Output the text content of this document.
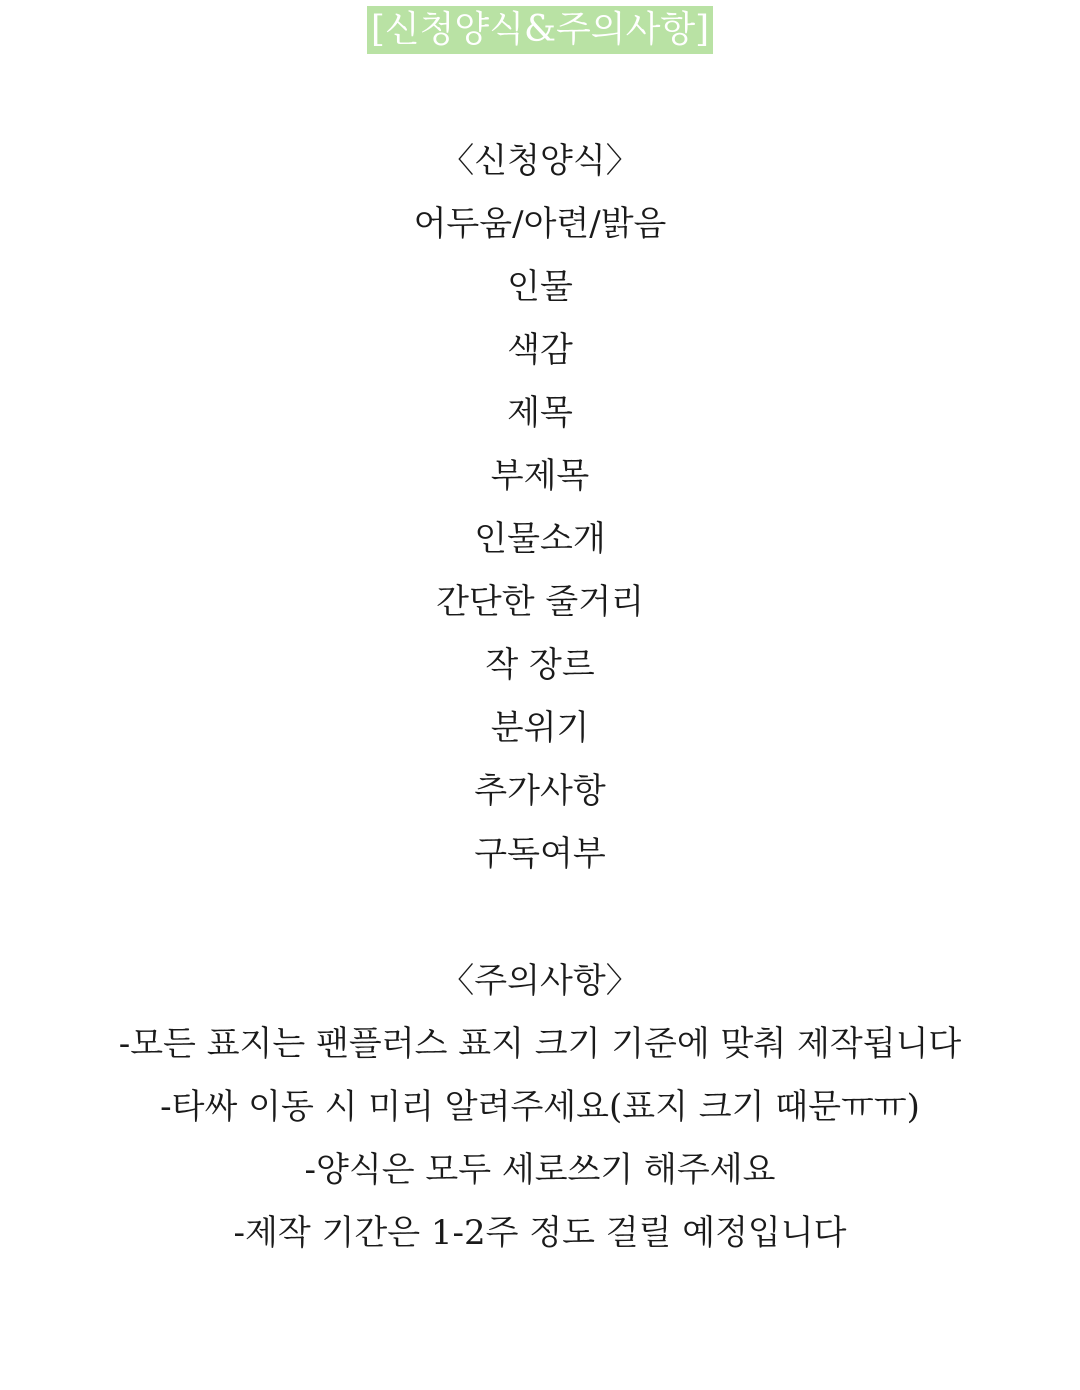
[신청양식&주의사항]
〈신청양식〉
어두움/아련/밝음
인물
색감
제목
부제목
인물소개
간단한 줄거리
작 장르
분위기
추가사항
구독여부
〈주의사항〉
-모든 표지는 팬플러스 표지 크기 기준에 맞춰 제작됩니다
-타싸 이동 시 미리 알려주세요(표지 크기 때문ㅠㅠ)
-양식은 모두 세로쓰기 해주세요
-제작 기간은 1-2주 정도 걸릴 예정입니다
